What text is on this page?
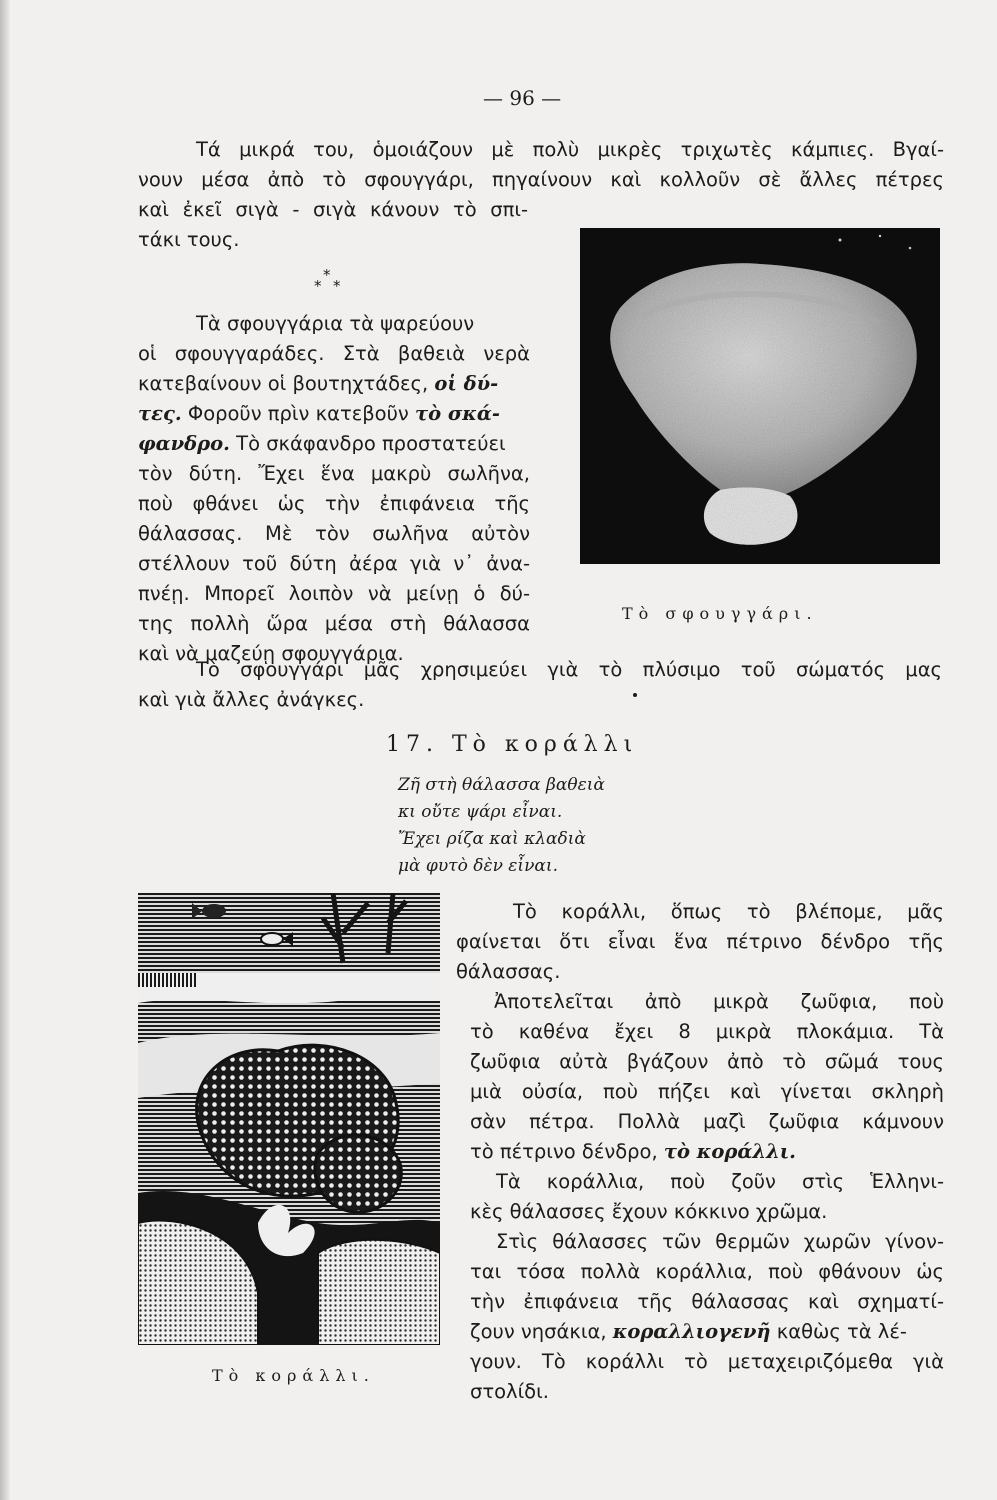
— 96 —
Τά μικρά του, ὁμοιάζουν μὲ πολὺ μικρὲς τριχωτὲς κάμπιες. Βγαί-
νουν μέσα ἀπὸ τὸ σφουγγάρι, πηγαίνουν καὶ κολλοῦν σὲ ἄλλες πέτρες
καὶ ἐκεῖ σιγὰ - σιγὰ κάνουν τὸ σπι-
τάκι τους.
*
* *
Τὰ σφουγγάρια τὰ ψαρεύουν
οἱ σφουγγαράδες. Στὰ βαθειὰ νερὰ
κατεβαίνουν οἱ βουτηχτάδες, οἱ δύ-
τες. Φοροῦν πρὶν κατεβοῦν τὸ σκά-
φανδρο. Τὸ σκάφανδρο προστατεύει
τὸν δύτη. Ἔχει ἕνα μακρὺ σωλῆνα,
ποὺ φθάνει ὡς τὴν ἐπιφάνεια τῆς
θάλασσας. Μὲ τὸν σωλῆνα αὐτὸν
στέλλουν τοῦ δύτη ἀέρα γιὰ ν᾽ ἀνα-
πνέῃ. Μπορεῖ λοιπὸν νὰ μείνῃ ὁ δύ-
της πολλὴ ὥρα μέσα στὴ θάλασσα
καὶ νὰ μαζεύῃ σφουγγάρια.
Τὸ σφουγγάρι.
Τὸ σφουγγάρι μᾶς χρησιμεύει γιὰ τὸ πλύσιμο τοῦ σώματός μας
καὶ γιὰ ἄλλες ἀνάγκες.
17. Τὸ κοράλλι
Ζῆ στὴ θάλασσα βαθειὰ
κι οὔτε ψάρι εἶναι.
Ἔχει ρίζα καὶ κλαδιὰ
μὰ φυτὸ δὲν εἶναι.
Τὸ κοράλλι.
Τὸ κοράλλι, ὅπως τὸ βλέπομε, μᾶς
φαίνεται ὅτι εἶναι ἕνα πέτρινο δένδρο τῆς
θάλασσας.
Ἀποτελεῖται ἀπὸ μικρὰ ζωῦφια, ποὺ
τὸ καθένα ἔχει 8 μικρὰ πλοκάμια. Τὰ
ζωῦφια αὐτὰ βγάζουν ἀπὸ τὸ σῶμά τους
μιὰ οὐσία, ποὺ πήζει καὶ γίνεται σκληρὴ
σὰν πέτρα. Πολλὰ μαζὶ ζωῦφια κάμνουν
τὸ πέτρινο δένδρο, τὸ κοράλλι.
Τὰ κοράλλια, ποὺ ζοῦν στὶς Ἑλληνι-
κὲς θάλασσες ἔχουν κόκκινο χρῶμα.
Στὶς θάλασσες τῶν θερμῶν χωρῶν γίνον-
ται τόσα πολλὰ κοράλλια, ποὺ φθάνουν ὡς
τὴν ἐπιφάνεια τῆς θάλασσας καὶ σχηματί-
ζουν νησάκια, κοραλλιογενῆ καθὼς τὰ λέ-
γουν. Τὸ κοράλλι τὸ μεταχειριζόμεθα γιὰ
στολίδι.
